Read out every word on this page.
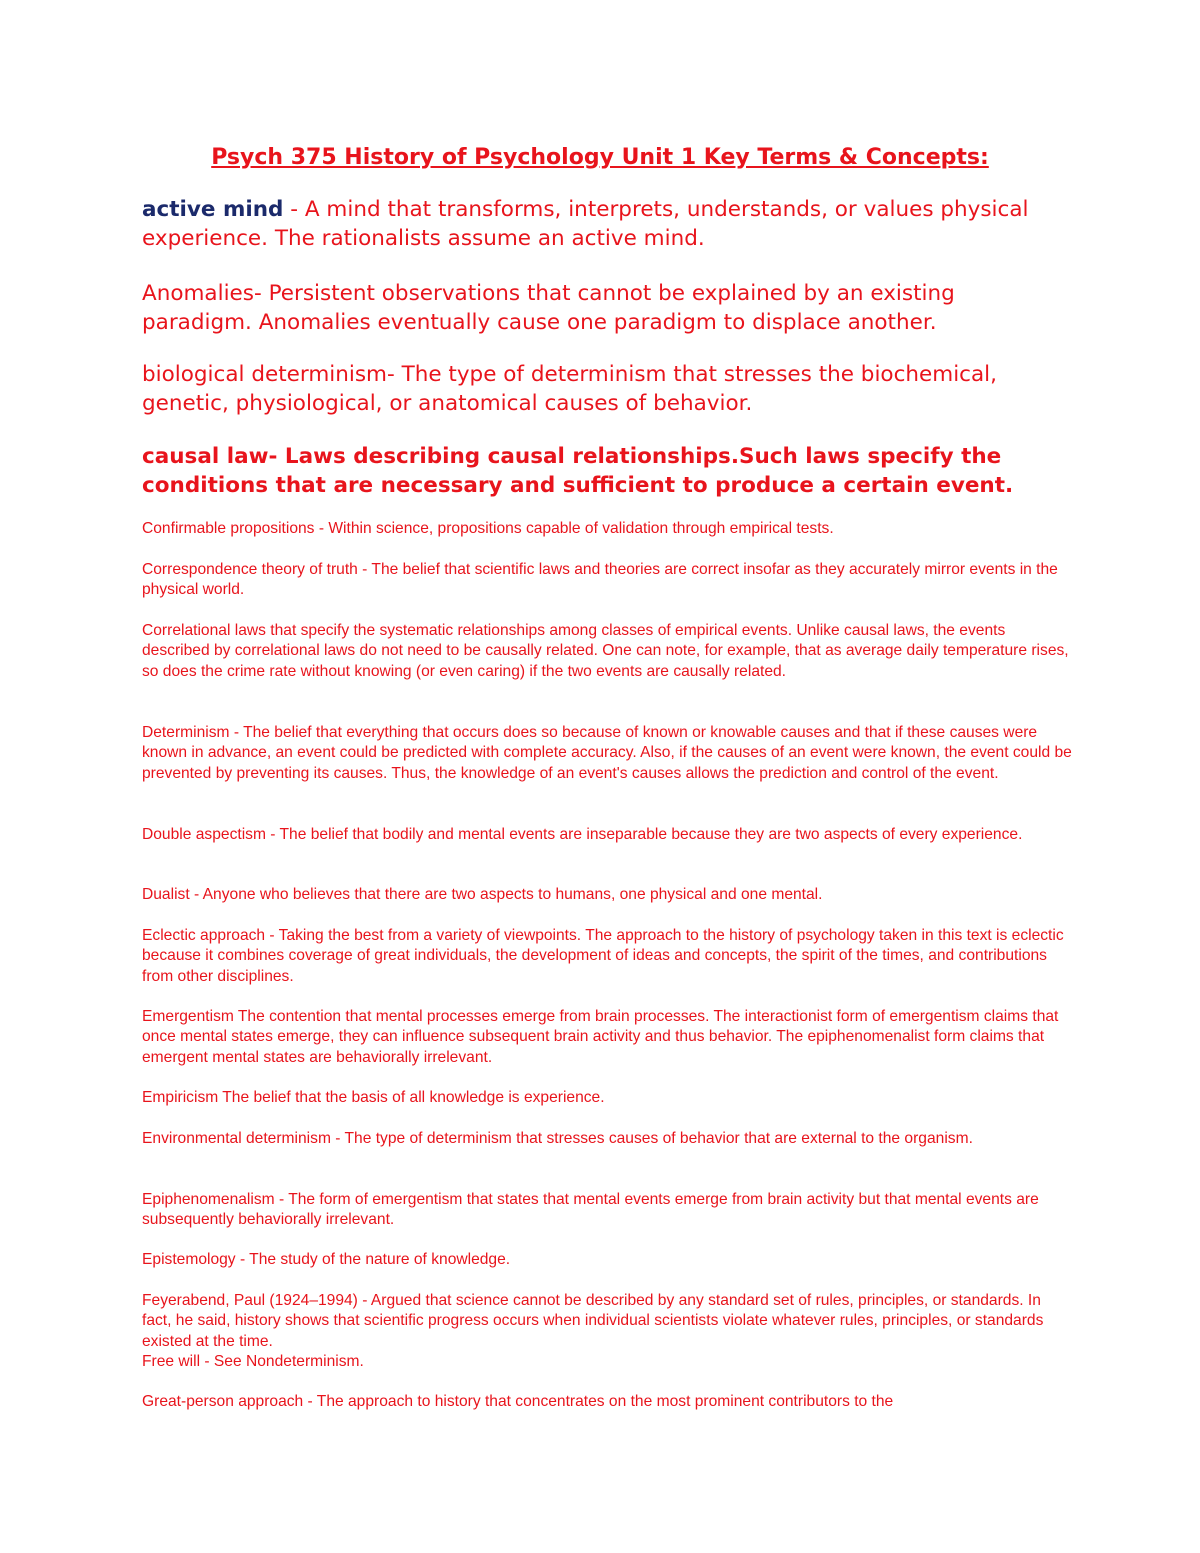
Psych 375 History of Psychology Unit 1 Key Terms & Concepts:

active mind - A mind that transforms, interprets, understands, or values physical experience. The rationalists assume an active mind.

Anomalies- Persistent observations that cannot be explained by an existing paradigm. Anomalies eventually cause one paradigm to displace another.

biological determinism- The type of determinism that stresses the biochemical, genetic, physiological, or anatomical causes of behavior.

causal law- Laws describing causal relationships.Such laws specify the conditions that are necessary and sufficient to produce a certain event.

Confirmable propositions - Within science, propositions capable of validation through empirical tests.

Correspondence theory of truth - The belief that scientific laws and theories are correct insofar as they accurately mirror events in the physical world.

Correlational laws that specify the systematic relationships among classes of empirical events. Unlike causal laws, the events described by correlational laws do not need to be causally related. One can note, for example, that as average daily temperature rises, so does the crime rate without knowing (or even caring) if the two events are causally related.

Determinism - The belief that everything that occurs does so because of known or knowable causes and that if these causes were known in advance, an event could be predicted with complete accuracy. Also, if the causes of an event were known, the event could be prevented by preventing its causes. Thus, the knowledge of an event's causes allows the prediction and control of the event.

Double aspectism - The belief that bodily and mental events are inseparable because they are two aspects of every experience.

Dualist - Anyone who believes that there are two aspects to humans, one physical and one mental.

Eclectic approach - Taking the best from a variety of viewpoints. The approach to the history of psychology taken in this text is eclectic because it combines coverage of great individuals, the development of ideas and concepts, the spirit of the times, and contributions from other disciplines.

Emergentism The contention that mental processes emerge from brain processes. The interactionist form of emergentism claims that once mental states emerge, they can influence subsequent brain activity and thus behavior. The epiphenomenalist form claims that emergent mental states are behaviorally irrelevant.

Empiricism The belief that the basis of all knowledge is experience.

Environmental determinism - The type of determinism that stresses causes of behavior that are external to the organism.

Epiphenomenalism - The form of emergentism that states that mental events emerge from brain activity but that mental events are subsequently behaviorally irrelevant.

Epistemology - The study of the nature of knowledge.

Feyerabend, Paul (1924–1994) - Argued that science cannot be described by any standard set of rules, principles, or standards. In fact, he said, history shows that scientific progress occurs when individual scientists violate whatever rules, principles, or standards existed at the time.

Free will - See Nondeterminism.

Great-person approach - The approach to history that concentrates on the most prominent contributors to the
